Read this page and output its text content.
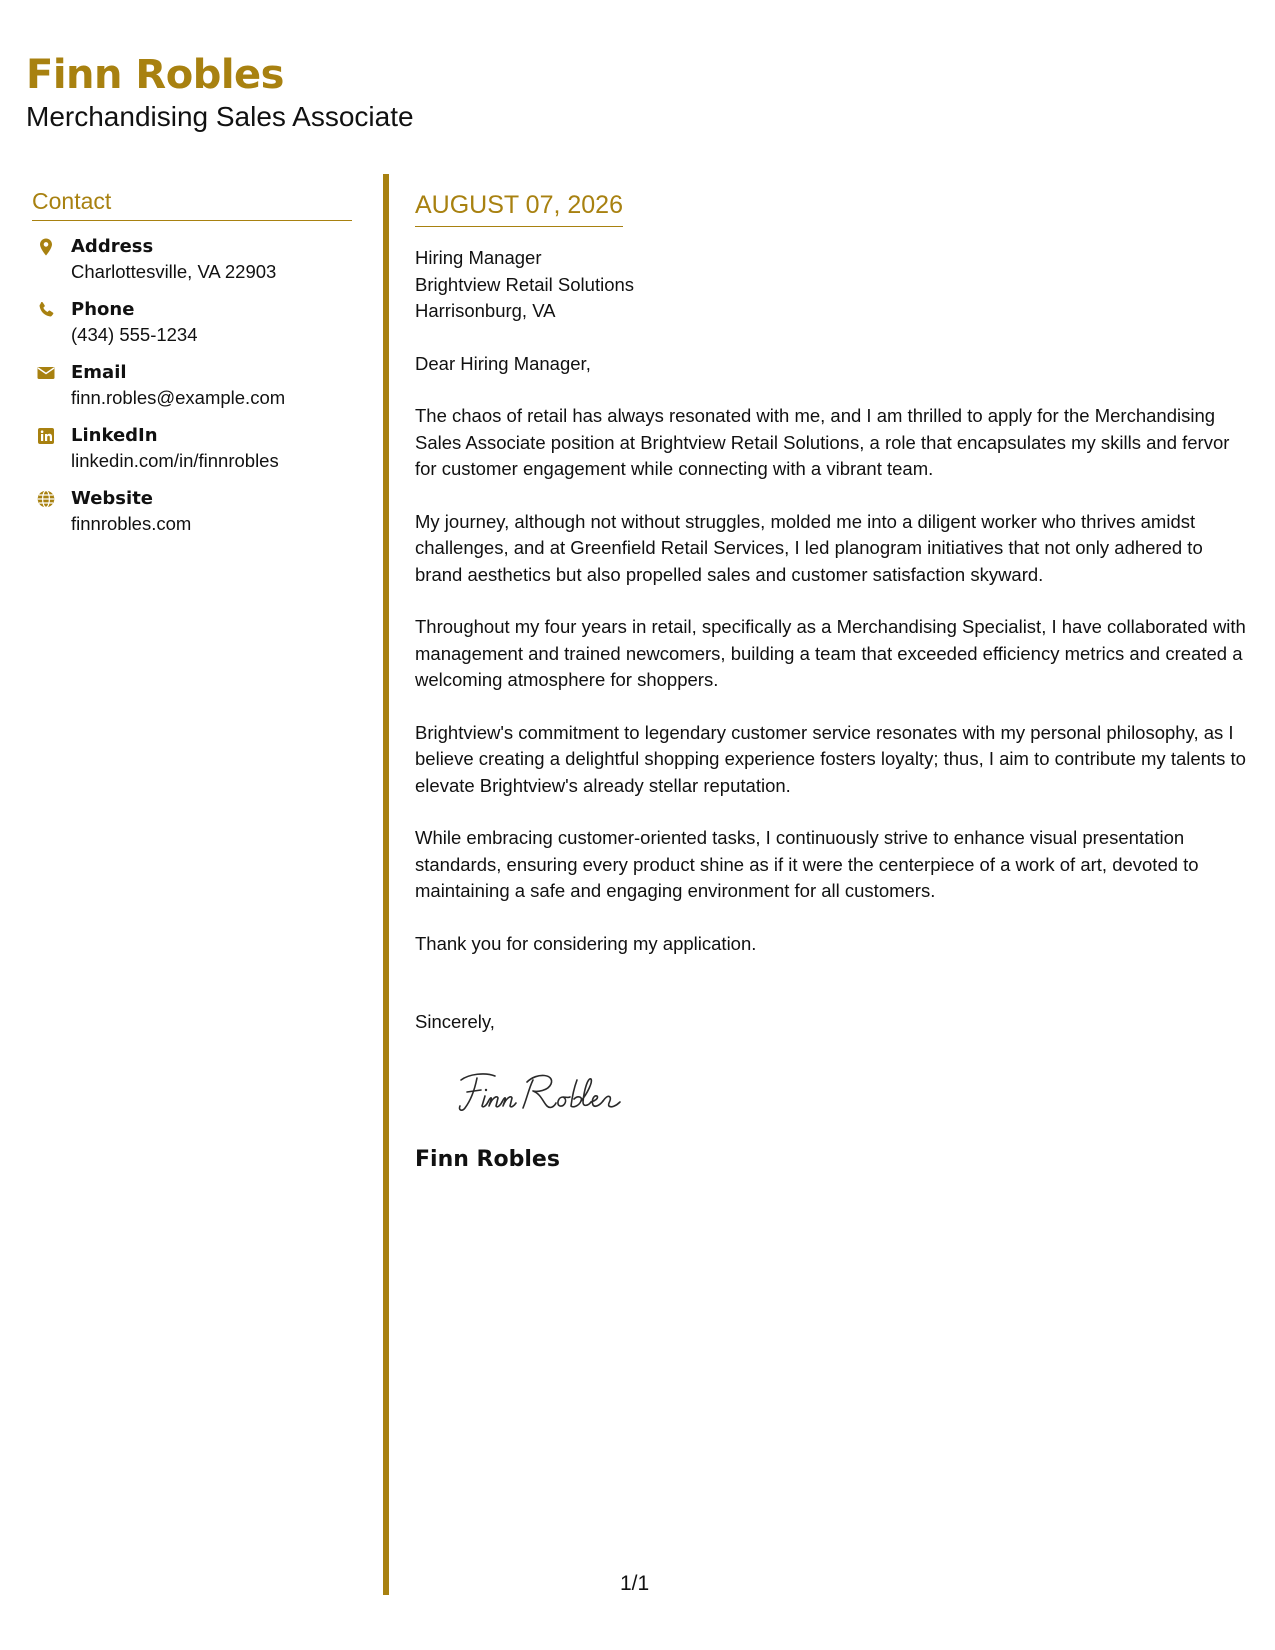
Finn Robles
Merchandising Sales Associate
Contact
Address
Charlottesville, VA 22903
Phone
(434) 555-1234
Email
finn.robles@example.com
LinkedIn
linkedin.com/in/finnrobles
Website
finnrobles.com
AUGUST 07, 2026
Hiring Manager
Brightview Retail Solutions
Harrisonburg, VA
Dear Hiring Manager,
The chaos of retail has always resonated with me, and I am thrilled to apply for the Merchandising Sales Associate position at Brightview Retail Solutions, a role that encapsulates my skills and fervor for customer engagement while connecting with a vibrant team.
My journey, although not without struggles, molded me into a diligent worker who thrives amidst challenges, and at Greenfield Retail Services, I led planogram initiatives that not only adhered to brand aesthetics but also propelled sales and customer satisfaction skyward.
Throughout my four years in retail, specifically as a Merchandising Specialist, I have collaborated with management and trained newcomers, building a team that exceeded efficiency metrics and created a welcoming atmosphere for shoppers.
Brightview's commitment to legendary customer service resonates with my personal philosophy, as I believe creating a delightful shopping experience fosters loyalty; thus, I aim to contribute my talents to elevate Brightview's already stellar reputation.
While embracing customer-oriented tasks, I continuously strive to enhance visual presentation standards, ensuring every product shine as if it were the centerpiece of a work of art, devoted to maintaining a safe and engaging environment for all customers.
Thank you for considering my application.
Sincerely,
Finn Robles
1/1
